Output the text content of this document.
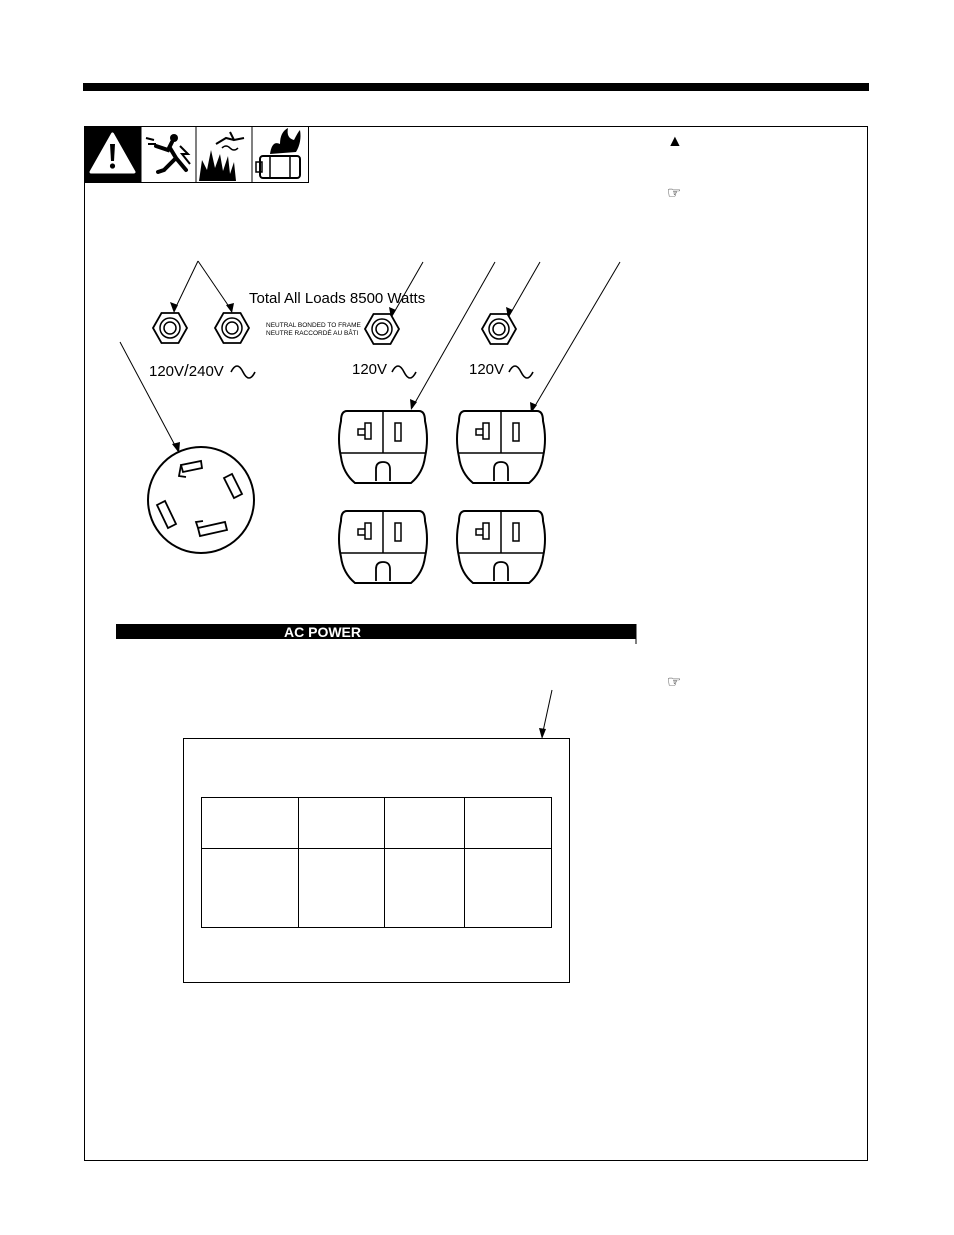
▲
☞
☞
Total All Loads 8500 Watts
NEUTRAL BONDED TO FRAME
NEUTRE RACCORDÉ AU BÂTI
120V/240V	120V	120V
AC POWER
